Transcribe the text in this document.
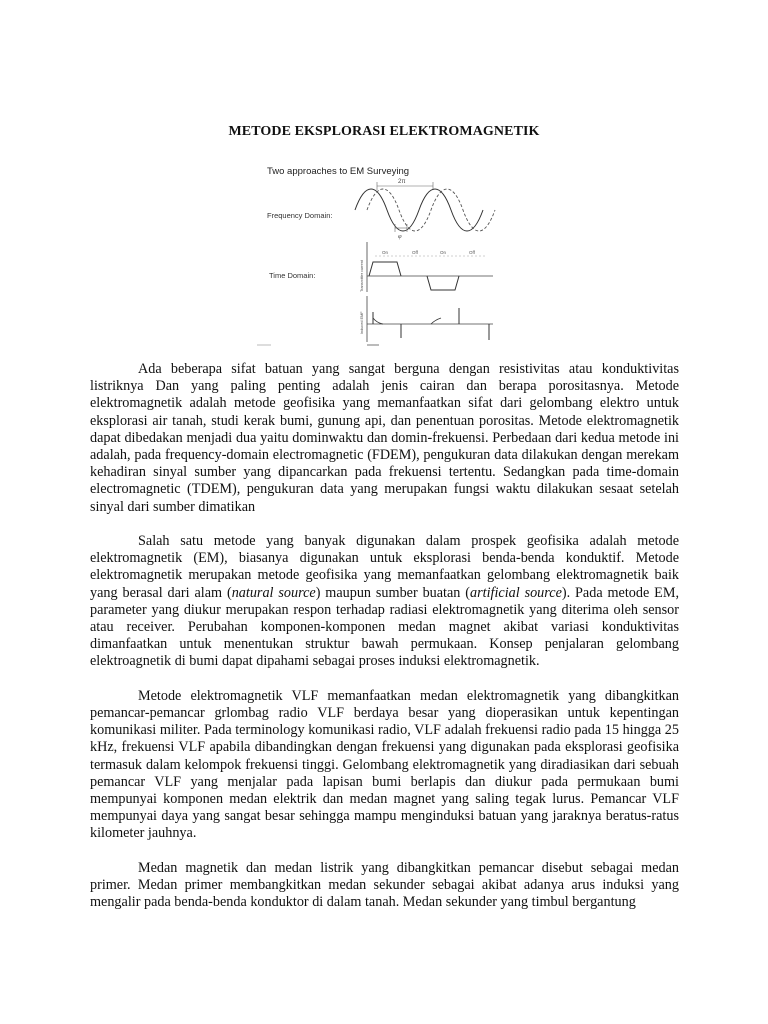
METODE EKSPLORASI ELEKTROMAGNETIK
Two approaches to EM Surveying
Frequency Domain:
2π
φ
Time Domain:	Transmitter current
On	Off	On	Off
Induced EMF

Ada beberapa sifat batuan yang sangat berguna dengan resistivitas atau konduktivitas listriknya Dan yang paling penting adalah jenis cairan dan berapa porositasnya. Metode elektromagnetik adalah metode geofisika yang memanfaatkan sifat dari gelombang elektro untuk eksplorasi air tanah, studi kerak bumi, gunung api, dan penentuan porositas. Metode elektromagnetik dapat dibedakan menjadi dua yaitu dominwaktu dan domin-frekuensi. Perbedaan dari kedua metode ini adalah, pada frequency-domain electromagnetic (FDEM), pengukuran data dilakukan dengan merekam kehadiran sinyal sumber yang dipancarkan pada frekuensi tertentu. Sedangkan pada time-domain electromagnetic (TDEM), pengukuran data yang merupakan fungsi waktu dilakukan sesaat setelah sinyal dari sumber dimatikan

Salah satu metode yang banyak digunakan dalam prospek geofisika adalah metode elektromagnetik (EM), biasanya digunakan untuk eksplorasi benda-benda konduktif. Metode elektromagnetik merupakan metode geofisika yang memanfaatkan gelombang elektromagnetik baik yang berasal dari alam (natural source) maupun sumber buatan (artificial source). Pada metode EM, parameter yang diukur merupakan respon terhadap radiasi elektromagnetik yang diterima oleh sensor atau receiver. Perubahan komponen-komponen medan magnet akibat variasi konduktivitas dimanfaatkan untuk menentukan struktur bawah permukaan. Konsep penjalaran gelombang elektroagnetik di bumi dapat dipahami sebagai proses induksi elektromagnetik.

Metode elektromagnetik VLF memanfaatkan medan elektromagnetik yang dibangkitkan pemancar-pemancar grlombag radio VLF berdaya besar yang dioperasikan untuk kepentingan komunikasi militer. Pada terminology komunikasi radio, VLF adalah frekuensi radio pada 15 hingga 25 kHz, frekuensi VLF apabila dibandingkan dengan frekuensi yang digunakan pada eksplorasi geofisika termasuk dalam kelompok frekuensi tinggi. Gelombang elektromagnetik yang diradiasikan dari sebuah pemancar VLF yang menjalar pada lapisan bumi berlapis dan diukur pada permukaan bumi mempunyai komponen medan elektrik dan medan magnet yang saling tegak lurus. Pemancar VLF mempunyai daya yang sangat besar sehingga mampu menginduksi batuan yang jaraknya beratus-ratus kilometer jauhnya.

Medan magnetik dan medan listrik yang dibangkitkan pemancar disebut sebagai medan primer. Medan primer membangkitkan medan sekunder sebagai akibat adanya arus induksi yang mengalir pada benda-benda konduktor di dalam tanah. Medan sekunder yang timbul bergantung
